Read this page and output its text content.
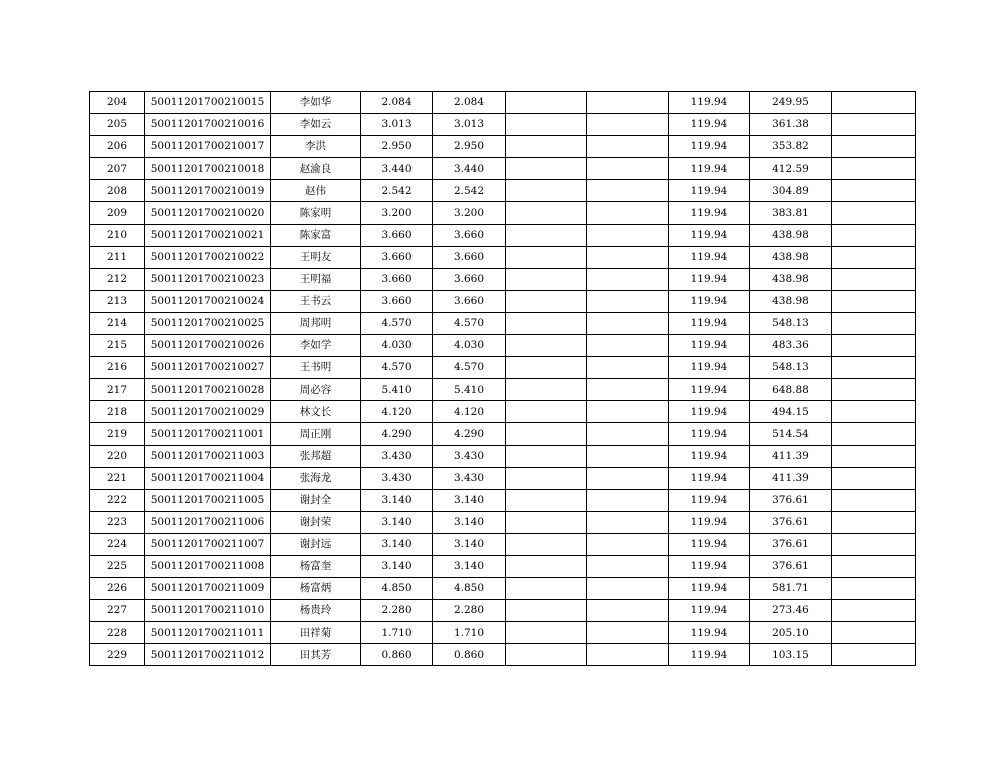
204	50011201700210015	李如华	2.084	2.084			119.94	249.95	
205	50011201700210016	李如云	3.013	3.013			119.94	361.38	
206	50011201700210017	李洪	2.950	2.950			119.94	353.82	
207	50011201700210018	赵渝良	3.440	3.440			119.94	412.59	
208	50011201700210019	赵伟	2.542	2.542			119.94	304.89	
209	50011201700210020	陈家明	3.200	3.200			119.94	383.81	
210	50011201700210021	陈家富	3.660	3.660			119.94	438.98	
211	50011201700210022	王明友	3.660	3.660			119.94	438.98	
212	50011201700210023	王明福	3.660	3.660			119.94	438.98	
213	50011201700210024	王书云	3.660	3.660			119.94	438.98	
214	50011201700210025	周邦明	4.570	4.570			119.94	548.13	
215	50011201700210026	李如学	4.030	4.030			119.94	483.36	
216	50011201700210027	王书明	4.570	4.570			119.94	548.13	
217	50011201700210028	周必容	5.410	5.410			119.94	648.88	
218	50011201700210029	林文长	4.120	4.120			119.94	494.15	
219	50011201700211001	周正刚	4.290	4.290			119.94	514.54	
220	50011201700211003	张邦超	3.430	3.430			119.94	411.39	
221	50011201700211004	张海龙	3.430	3.430			119.94	411.39	
222	50011201700211005	谢封全	3.140	3.140			119.94	376.61	
223	50011201700211006	谢封荣	3.140	3.140			119.94	376.61	
224	50011201700211007	谢封远	3.140	3.140			119.94	376.61	
225	50011201700211008	杨富奎	3.140	3.140			119.94	376.61	
226	50011201700211009	杨富炳	4.850	4.850			119.94	581.71	
227	50011201700211010	杨贵玲	2.280	2.280			119.94	273.46	
228	50011201700211011	田祥菊	1.710	1.710			119.94	205.10	
229	50011201700211012	田其芳	0.860	0.860			119.94	103.15	
